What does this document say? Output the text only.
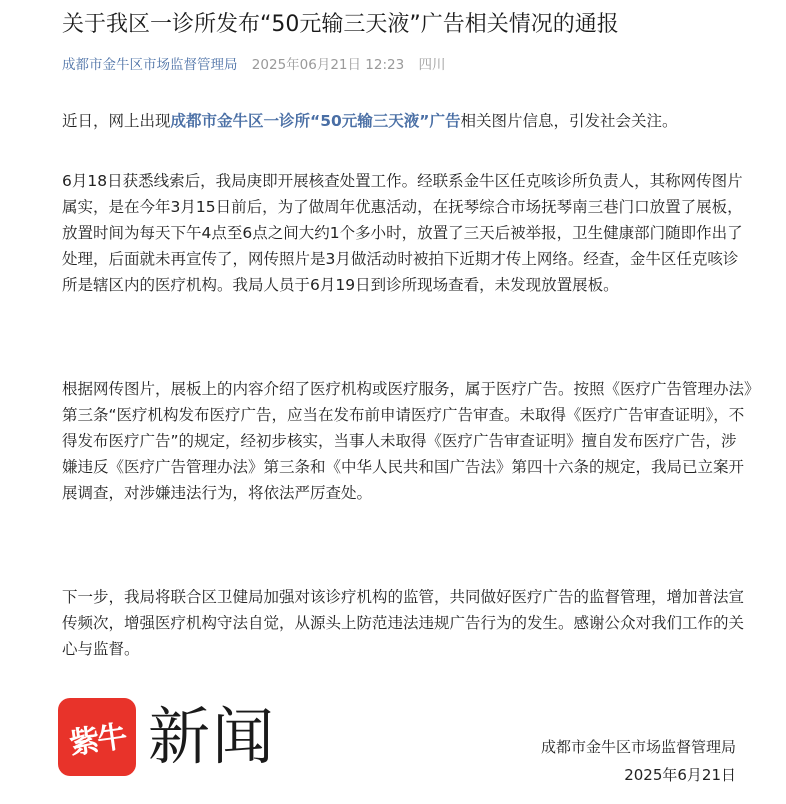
关于我区一诊所发布“50元输三天液”广告相关情况的通报
成都市金牛区市场监督管理局 2025年06月21日 12:23 四川

近日，网上出现成都市金牛区一诊所“50元输三天液”广告相关图片信息，引发社会关注。

6月18日获悉线索后，我局庚即开展核查处置工作。经联系金牛区任克咳诊所负责人，其称网传图片属实，是在今年3月15日前后，为了做周年优惠活动，在抚琴综合市场抚琴南三巷门口放置了展板，放置时间为每天下午4点至6点之间大约1个多小时，放置了三天后被举报，卫生健康部门随即作出了处理，后面就未再宣传了，网传照片是3月做活动时被拍下近期才传上网络。经查，金牛区任克咳诊所是辖区内的医疗机构。我局人员于6月19日到诊所现场查看，未发现放置展板。

根据网传图片，展板上的内容介绍了医疗机构或医疗服务，属于医疗广告。按照《医疗广告管理办法》第三条“医疗机构发布医疗广告，应当在发布前申请医疗广告审查。未取得《医疗广告审查证明》，不得发布医疗广告”的规定，经初步核实，当事人未取得《医疗广告审查证明》擅自发布医疗广告，涉嫌违反《医疗广告管理办法》第三条和《中华人民共和国广告法》第四十六条的规定，我局已立案开展调查，对涉嫌违法行为，将依法严厉查处。

下一步，我局将联合区卫健局加强对该诊疗机构的监管，共同做好医疗广告的监督管理，增加普法宣传频次，增强医疗机构守法自觉，从源头上防范违法违规广告行为的发生。感谢公众对我们工作的关心与监督。

紫牛 新闻	成都市金牛区市场监督管理局
2025年6月21日
